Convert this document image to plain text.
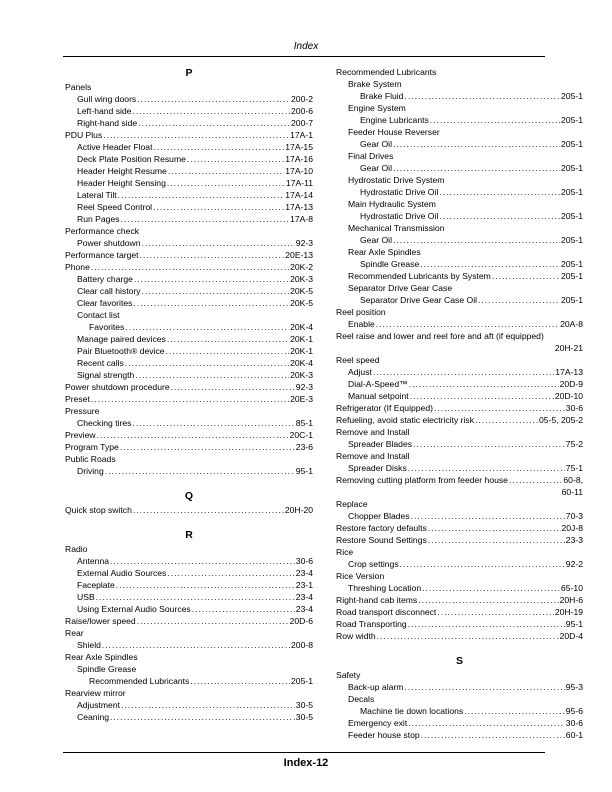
Index
P
Panels
Gull wing doors .....	200-2
Left-hand side .....	200-6
Right-hand side .....	200-7
PDU Plus .....	17A-1
Active Header Float .....	17A-15
Deck Plate Position Resume .....	17A-16
Header Height Resume .....	17A-10
Header Height Sensing .....	17A-11
Lateral Tilt .....	17A-14
Reel Speed Control .....	17A-13
Run Pages .....	17A-8
Performance check
Power shutdown .....	92-3
Performance target .....	20E-13
Phone .....	20K-2
Battery charge .....	20K-3
Clear call history .....	20K-5
Clear favorites .....	20K-5
Contact list
Favorites .....	20K-4
Manage paired devices .....	20K-1
Pair Bluetooth® device .....	20K-1
Recent calls .....	20K-4
Signal strength .....	20K-3
Power shutdown procedure .....	92-3
Preset .....	20E-3
Pressure
Checking tires .....	85-1
Preview .....	20C-1
Program Type .....	23-6
Public Roads
Driving .....	95-1
Q
Quick stop switch .....	20H-20
R
Radio
Antenna .....	30-6
External Audio Sources .....	23-4
Faceplate .....	23-1
USB .....	23-4
Using External Audio Sources .....	23-4
Raise/lower speed .....	20D-6
Rear
Shield .....	200-8
Rear Axle Spindles
Spindle Grease
Recommended Lubricants .....	205-1
Rearview mirror
Adjustment .....	30-5
Ceaning .....	30-5
Recommended Lubricants
Brake System
Brake Fluid .....	205-1
Engine System
Engine Lubricants .....	205-1
Feeder House Reverser
Gear Oil .....	205-1
Final Drives
Gear Oil .....	205-1
Hydrostatic Drive System
Hydrostatic Drive Oil .....	205-1
Main Hydraulic System
Hydrostatic Drive Oil .....	205-1
Mechanical Transmission
Gear Oil .....	205-1
Rear Axle Spindles
Spindle Grease .....	205-1
Recommended Lubricants by System .....	205-1
Separator Drive Gear Case
Separator Drive Gear Case Oil .....	205-1
Reel position
Enable .....	20A-8
Reel raise and lower and reel fore and aft (if equipped)
20H-21
Reel speed
Adjust .....	17A-13
Dial-A-Speed™ .....	20D-9
Manual setpoint .....	20D-10
Refrigerator (If Equipped) .....	30-6
Refueling, avoid static electricity risk .....	05-5, 205-2
Remove and Install
Spreader Blades .....	75-2
Remove and Install
Spreader Disks .....	75-1
Removing cutting platform from feeder house .....	60-8,
60-11
Replace
Chopper Blades .....	70-3
Restore factory defaults .....	20J-8
Restore Sound Settings .....	23-3
Rice
Crop settings .....	92-2
Rice Version
Threshing Location .....	65-10
Right-hand cab items .....	20H-6
Road transport disconnect .....	20H-19
Road Transporting .....	95-1
Row width .....	20D-4
S
Safety
Back-up alarm .....	95-3
Decals
Machine tie down locations .....	95-6
Emergency exit .....	30-6
Feeder house stop .....	60-1
Index-12
